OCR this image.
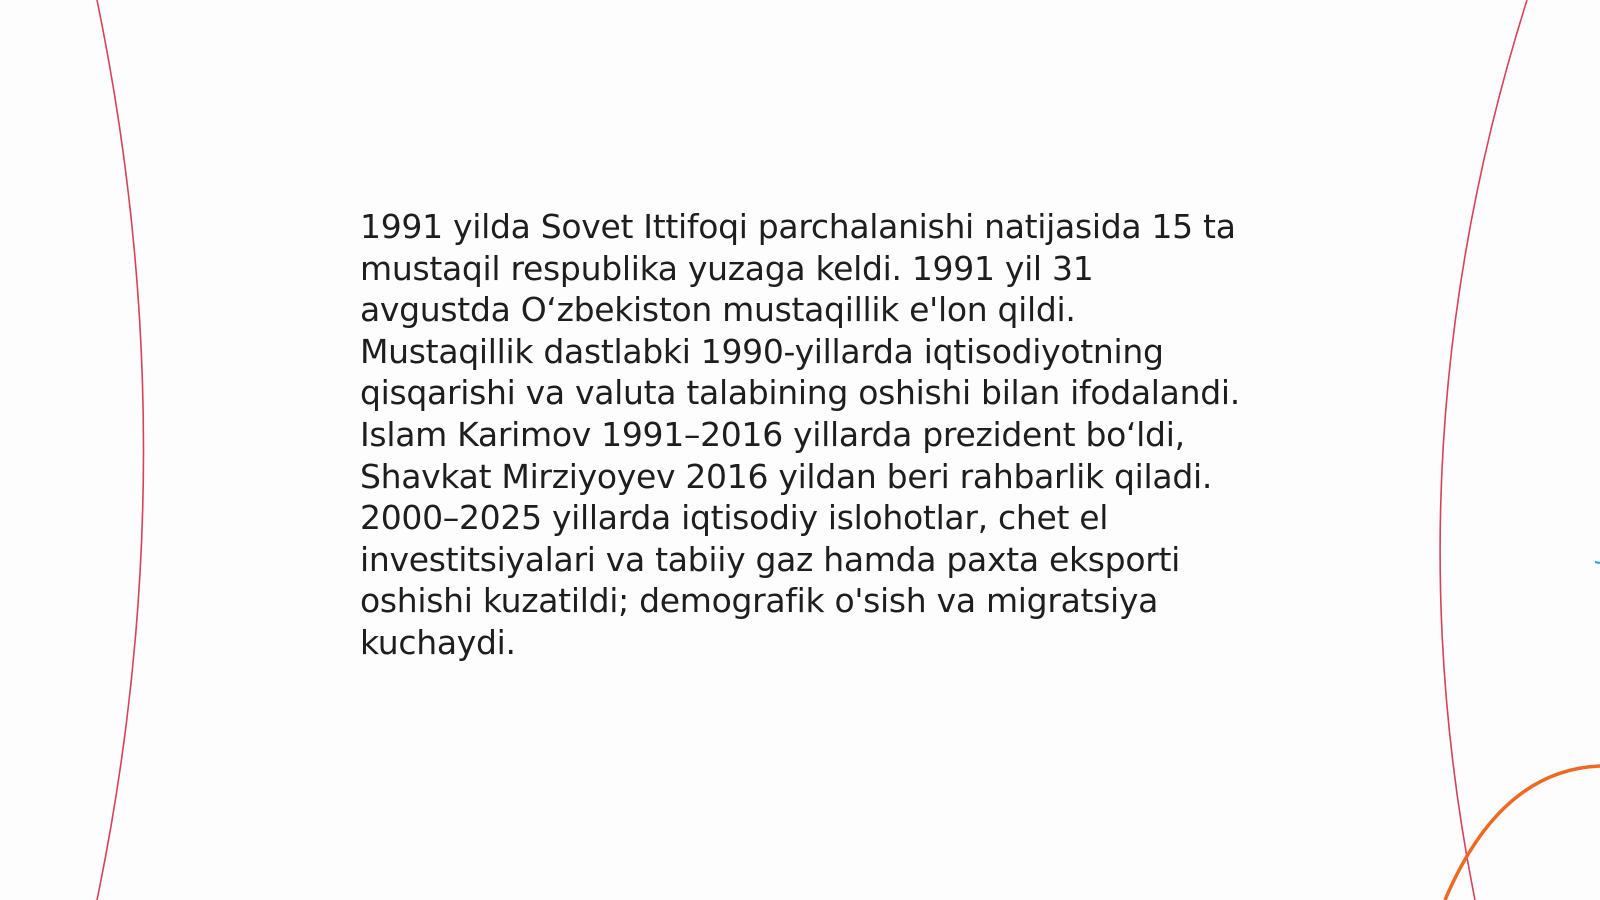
1991 yilda Sovet Ittifoqi parchalanishi natijasida 15 ta
mustaqil respublika yuzaga keldi. 1991 yil 31
avgustda O‘zbekiston mustaqillik e'lon qildi.
Mustaqillik dastlabki 1990-yillarda iqtisodiyotning
qisqarishi va valuta talabining oshishi bilan ifodalandi.
Islam Karimov 1991–2016 yillarda prezident bo‘ldi,
Shavkat Mirziyoyev 2016 yildan beri rahbarlik qiladi.
2000–2025 yillarda iqtisodiy islohotlar, chet el
investitsiyalari va tabiiy gaz hamda paxta eksporti
oshishi kuzatildi; demografik o'sish va migratsiya
kuchaydi.
